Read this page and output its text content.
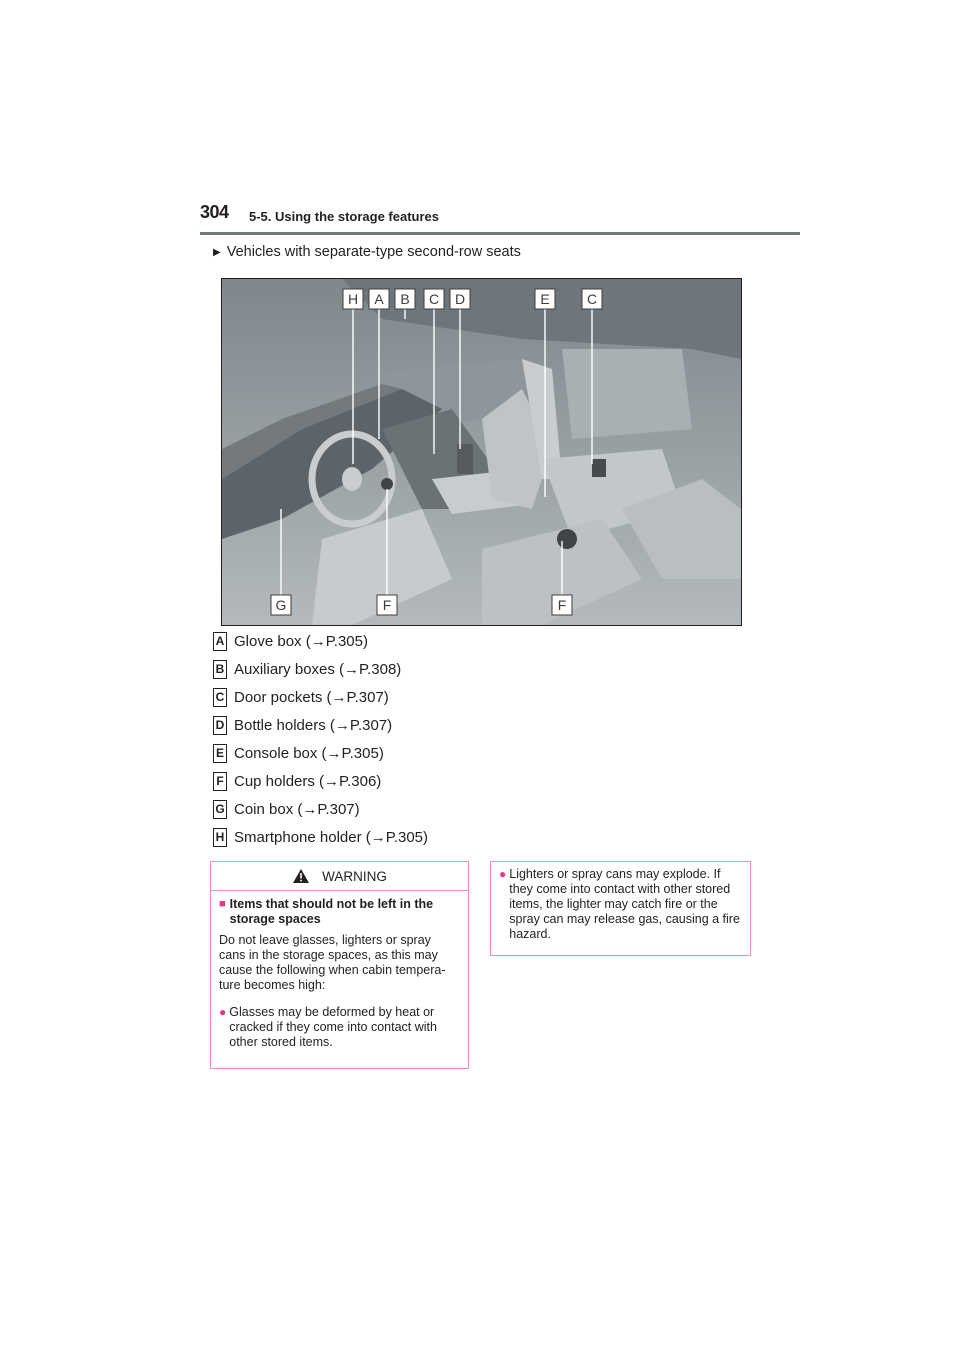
304 5-5. Using the storage features
▶ Vehicles with separate-type second-row seats
H A B C D	E	C
G	F	F
A Glove box (→P.305)
B Auxiliary boxes (→P.308)
C Door pockets (→P.307)
D Bottle holders (→P.307)
E Console box (→P.305)
F Cup holders (→P.306)
G Coin box (→P.307)
H Smartphone holder (→P.305)
WARNING
■ Items that should not be left in the storage spaces
Do not leave glasses, lighters or spray cans in the storage spaces, as this may cause the following when cabin tempera-ture becomes high:
● Glasses may be deformed by heat or cracked if they come into contact with other stored items.
● Lighters or spray cans may explode. If they come into contact with other stored items, the lighter may catch fire or the spray can may release gas, causing a fire hazard.
